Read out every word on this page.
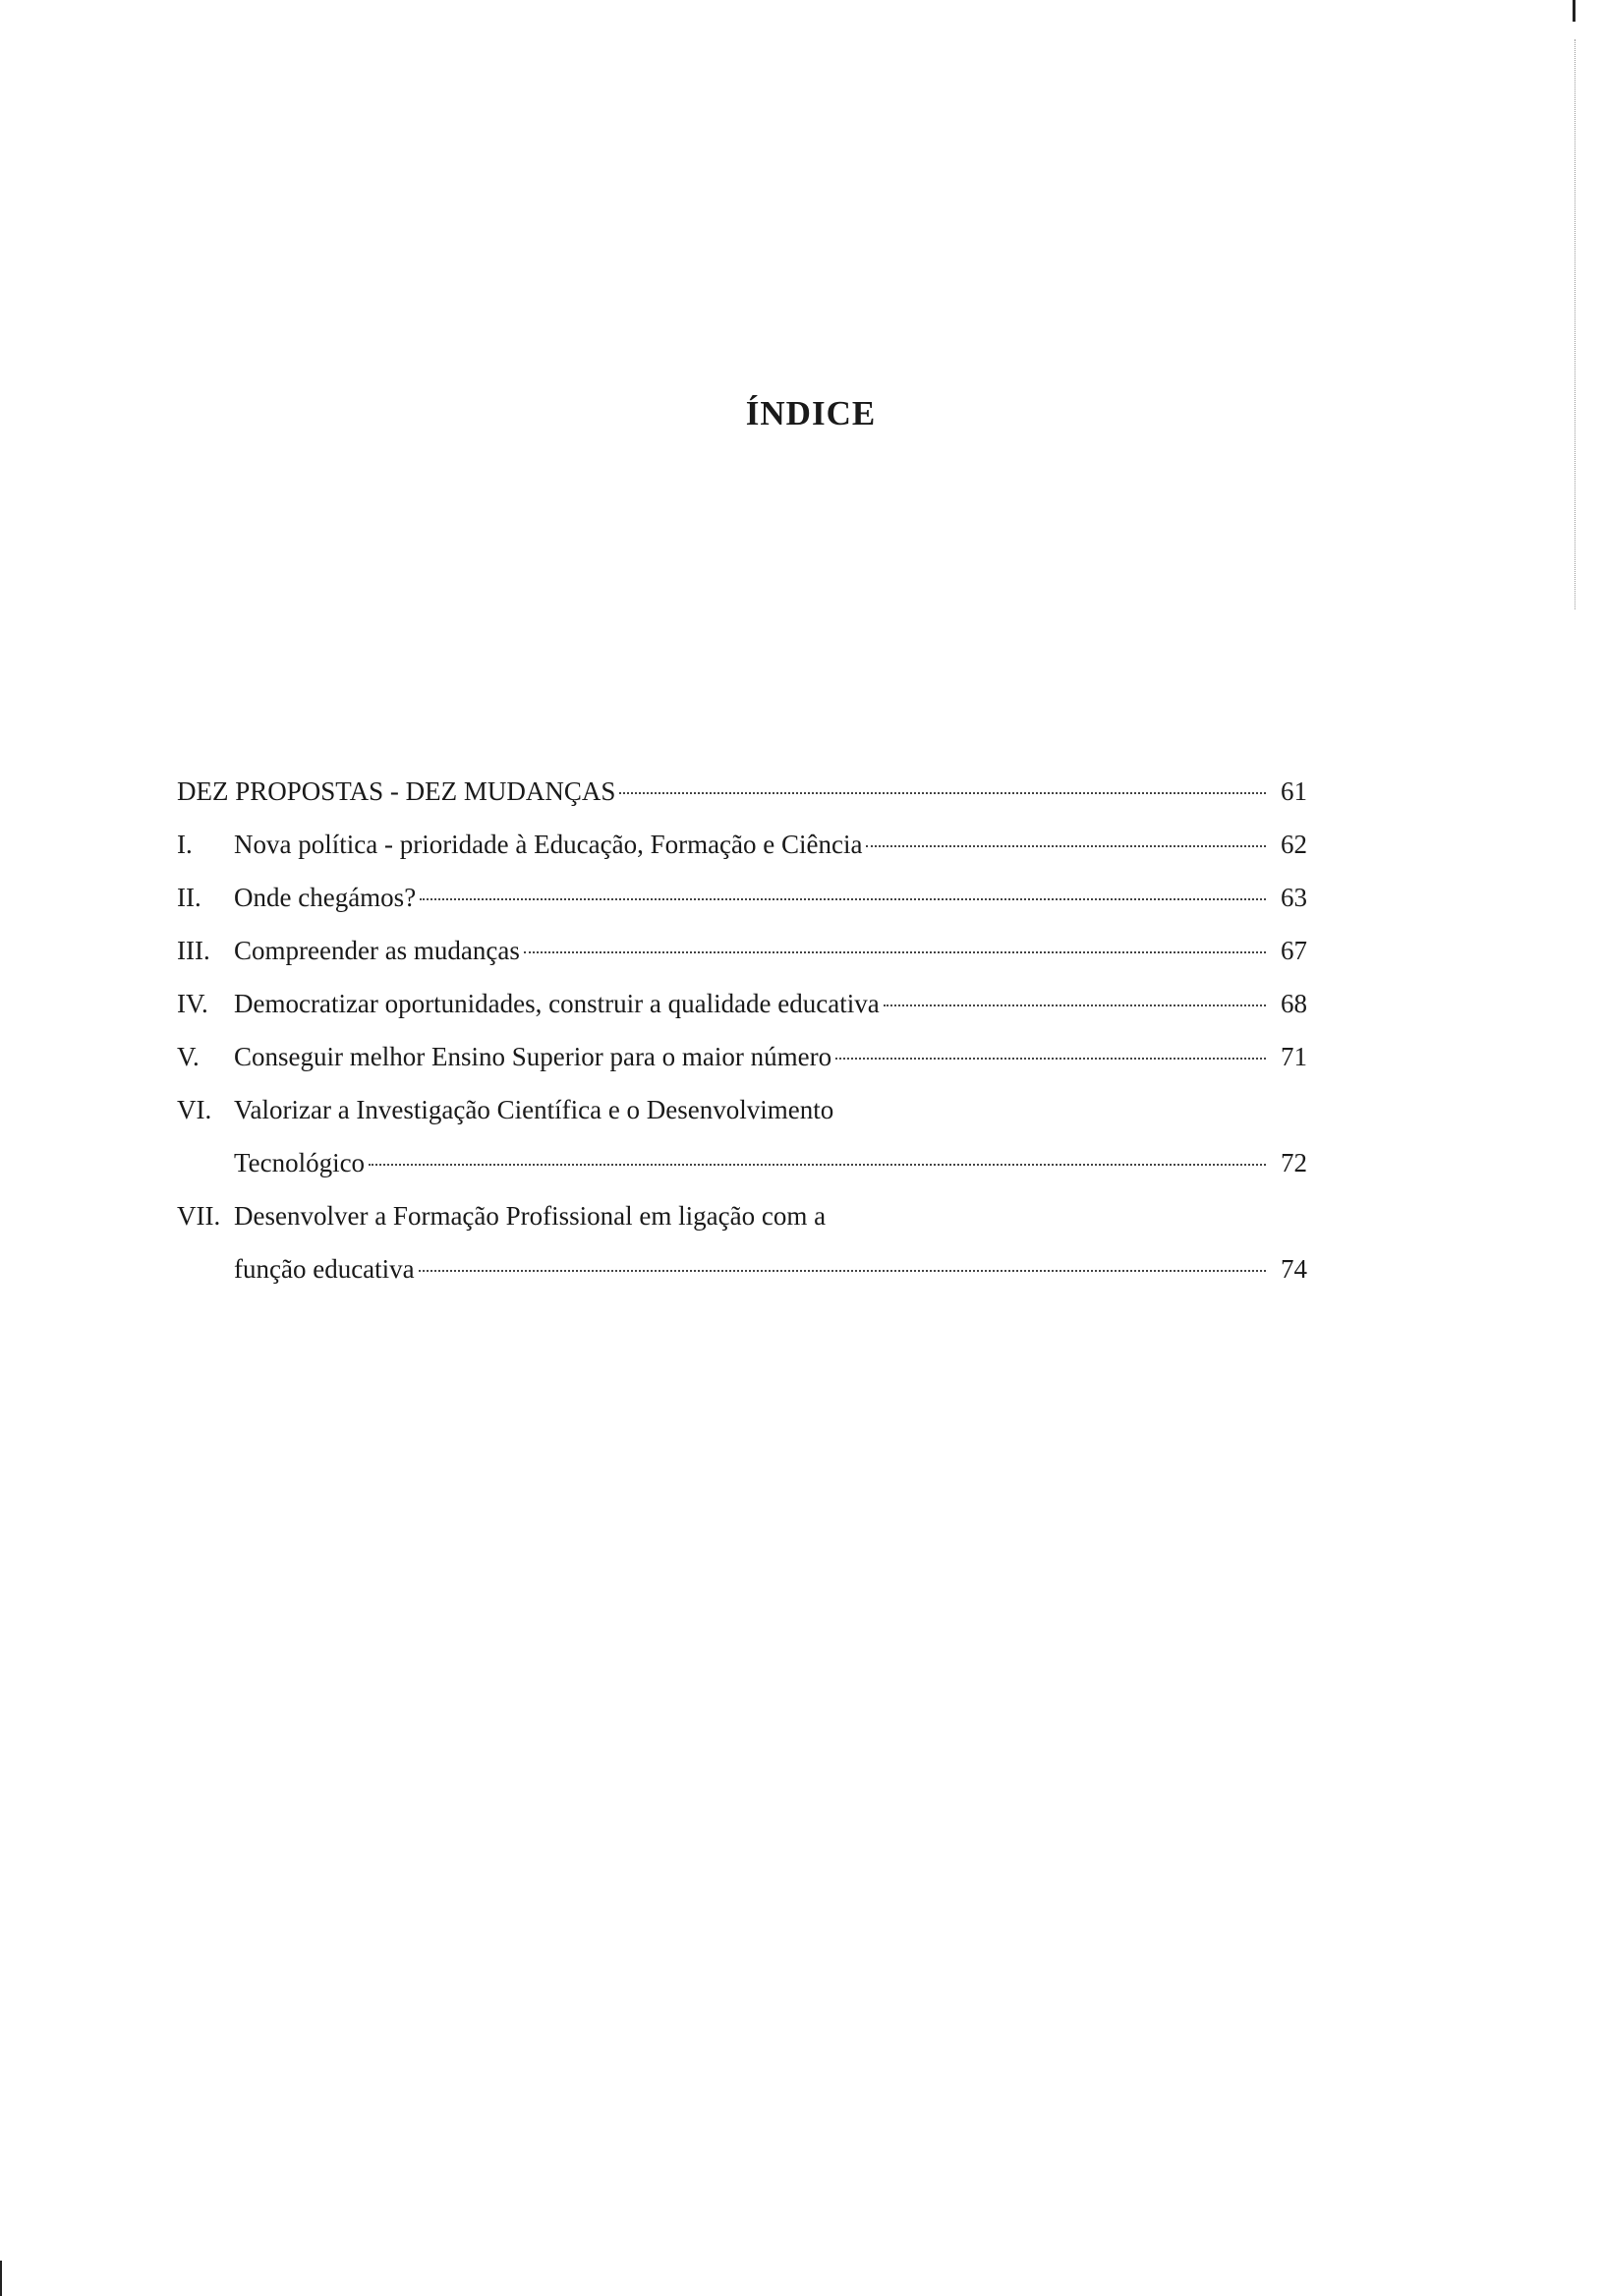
ÍNDICE
DEZ PROPOSTAS - DEZ MUDANÇAS	61
I.	Nova política - prioridade à Educação, Formação e Ciência	62
II.	Onde chegámos?	63
III. Compreender as mudanças	67
IV. Democratizar oportunidades, construir a qualidade educativa	68
V.	Conseguir melhor Ensino Superior para o maior número	71
VI. Valorizar a Investigação Científica e o Desenvolvimento
Tecnológico	72
VII. Desenvolver a Formação Profissional em ligação com a
função educativa	74
